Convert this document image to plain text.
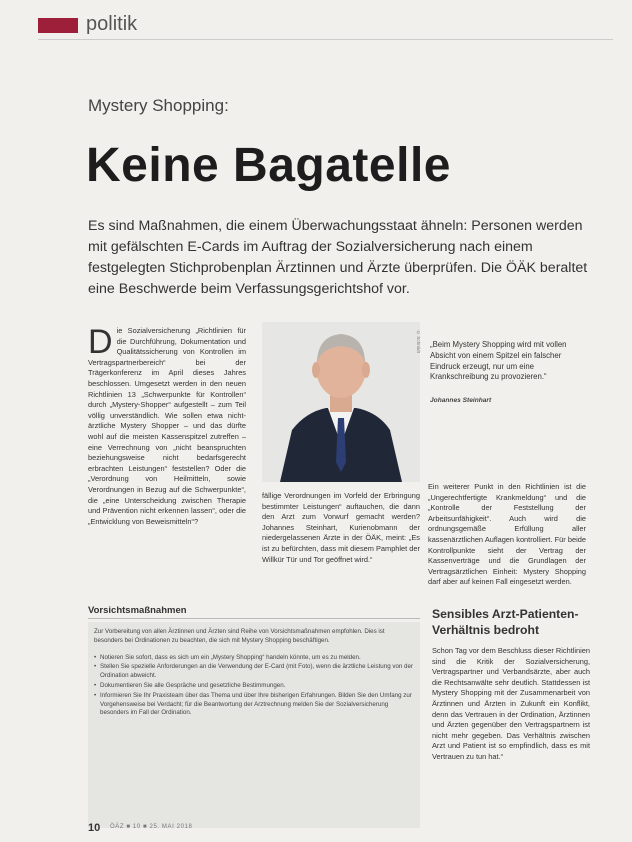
politik
Mystery Shopping:
Keine Bagatelle
Es sind Maßnahmen, die einem Überwachungsstaat ähneln: Personen werden mit gefälschten E-Cards im Auftrag der Sozialversicherung nach einem festgelegten Stichprobenplan Ärztinnen und Ärzte überprüfen. Die ÖÄK beraltet eine Beschwerde beim Verfassungsgerichtshof vor.
Die Sozialversicherung „Richtlinien für die Durchführung, Dokumentation und Qualitätssicherung von Kontrollen im Vertragspartnerbereich“ bei der Trägerkonferenz im April dieses Jahres beschlossen. Umgesetzt werden in den neuen Richtlinien 13 „Schwerpunkte für Kontrollen“ durch „Mystery-Shopper“ aufgestellt – zum Teil völlig unverständlich. Wie sollen etwa nicht-ärztliche Mystery Shopper – und das dürfte wohl auf die meisten Kassenspitzel zutreffen – eine Verrechnung von „nicht beanspruchten beziehungsweise nicht bedarfsgerecht erbrachten Leistungen“ feststellen? Oder die „Verordnung von Heilmitteln, sowie Verordnungen in Bezug auf die Schwerpunkte“, die „eine Unterscheidung zwischen Therapie und Prävention nicht erkennen lassen“, oder die „Entwicklung von Beweismitteln“?
© Schmidt „Beim Mystery Shopping wird mit vollen Absicht von einem Spitzel ein falscher Eindruck erzeugt, nur um eine Krankschreibung zu provozieren.“
Johannes Steinhart
fällige Verordnungen im Vorfeld der Erbringung bestimmter Leistungen“ auftauchen, die dann den Arzt zum Vorwurf gemacht werden? Johannes Steinhart, Kurienobmann der niedergelassenen Ärzte in der ÖÄK, meint: „Es ist zu befürchten, dass mit diesem Pamphlet der Willkür Tür und Tor geöffnet wird.“
Ein weiterer Punkt in den Richtlinien ist die „Ungerechtfertigte Krankmeldung“ und die „Kontrolle der Feststellung der Arbeitsunfähigkeit“. Auch wird die ordnungsgemäße Erfüllung aller kassenärztlichen Auflagen kontrolliert. Für beide Kontrollpunkte sieht der Vertrag der Kassenverträge und die Grundlagen der Vertragsärztlichen Einheit: Mystery Shopping darf aber auf keinen Fall eingesetzt werden.
Sensibles Arzt-Patienten-Verhältnis bedroht
Schon Tag vor dem Beschluss dieser Richtlinien sind die Kritik der Sozialversicherung, Vertragspartner und Verbandsärzte, aber auch die Rechtsanwälte sehr deutlich. Stattdessen ist Mystery Shopping mit der Zusammenarbeit von Ärztinnen und Ärzten in Zukunft ein Konflikt, denn das Vertrauen in der Ordination, Ärztinnen und Ärzten gegenüber den Vertragspartnern ist nicht mehr gegeben. Das Verhältnis zwischen Arzt und Patient ist so empfindlich, dass es mit Vertrauen zu tun hat.“
Vorsichtsmaßnahmen
Zur Vorbereitung von allen Ärztinnen und Ärzten sind Reihe von Vorsichtsmaßnahmen empfohlen. Dies ist besonders bei Ordinationen zu beachten, die sich mit Mystery Shopping beschäftigen.
• Notieren Sie sofort, dass es sich um ein „Mystery Shopping“ handeln könnte, um es zu melden.
• Stellen Sie spezielle Anforderungen an die Verwendung der E-Card (mit Foto), wenn die ärztliche Leistung von der Ordination abweicht.
• Dokumentieren Sie alle Gespräche und gesetzliche Bestimmungen.
• Informieren Sie Ihr Praxisteam über das Thema und über Ihre bisherigen Erfahrungen. Bilden Sie den Umfang zur Vorgehensweise bei Verdacht; für die Beantwortung der Arztrechnung melden Sie der Sozialversicherung besonders im Fall der Ordination.
10 ÖÄZ ■ 10 ■ 25. MAI 2018
